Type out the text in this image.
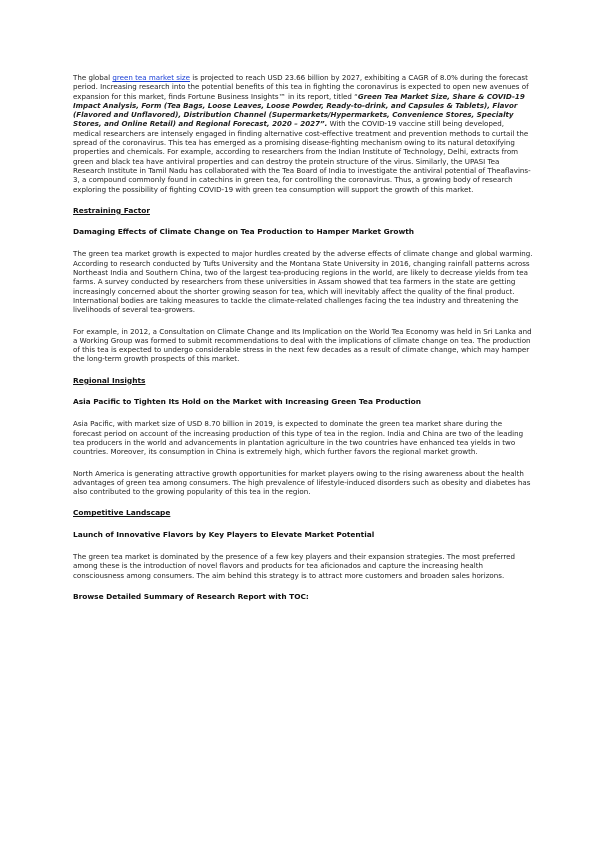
The global green tea market size is projected to reach USD 23.66 billion by 2027, exhibiting a CAGR of 8.0% during the forecast period. Increasing research into the potential benefits of this tea in fighting the coronavirus is expected to open new avenues of expansion for this market, finds Fortune Business Insights™ in its report, titled “Green Tea Market Size, Share & COVID-19 Impact Analysis, Form (Tea Bags, Loose Leaves, Loose Powder, Ready-to-drink, and Capsules & Tablets), Flavor (Flavored and Unflavored), Distribution Channel (Supermarkets/Hypermarkets, Convenience Stores, Specialty Stores, and Online Retail) and Regional Forecast, 2020 – 2027”. With the COVID-19 vaccine still being developed, medical researchers are intensely engaged in finding alternative cost-effective treatment and prevention methods to curtail the spread of the coronavirus. This tea has emerged as a promising disease-fighting mechanism owing to its natural detoxifying properties and chemicals. For example, according to researchers from the Indian Institute of Technology, Delhi, extracts from green and black tea have antiviral properties and can destroy the protein structure of the virus. Similarly, the UPASI Tea Research Institute in Tamil Nadu has collaborated with the Tea Board of India to investigate the antiviral potential of Theaflavins-3, a compound commonly found in catechins in green tea, for controlling the coronavirus. Thus, a growing body of research exploring the possibility of fighting COVID-19 with green tea consumption will support the growth of this market.

Restraining Factor
Damaging Effects of Climate Change on Tea Production to Hamper Market Growth

The green tea market growth is expected to major hurdles created by the adverse effects of climate change and global warming. According to research conducted by Tufts University and the Montana State University in 2016, changing rainfall patterns across Northeast India and Southern China, two of the largest tea-producing regions in the world, are likely to decrease yields from tea farms. A survey conducted by researchers from these universities in Assam showed that tea farmers in the state are getting increasingly concerned about the shorter growing season for tea, which will inevitably affect the quality of the final product. International bodies are taking measures to tackle the climate-related challenges facing the tea industry and threatening the livelihoods of several tea-growers.

For example, in 2012, a Consultation on Climate Change and Its Implication on the World Tea Economy was held in Sri Lanka and a Working Group was formed to submit recommendations to deal with the implications of climate change on tea. The production of this tea is expected to undergo considerable stress in the next few decades as a result of climate change, which may hamper the long-term growth prospects of this market.

Regional Insights
Asia Pacific to Tighten Its Hold on the Market with Increasing Green Tea Production

Asia Pacific, with market size of USD 8.70 billion in 2019, is expected to dominate the green tea market share during the forecast period on account of the increasing production of this type of tea in the region. India and China are two of the leading tea producers in the world and advancements in plantation agriculture in the two countries have enhanced tea yields in two countries. Moreover, its consumption in China is extremely high, which further favors the regional market growth.

North America is generating attractive growth opportunities for market players owing to the rising awareness about the health advantages of green tea among consumers. The high prevalence of lifestyle-induced disorders such as obesity and diabetes has also contributed to the growing popularity of this tea in the region.

Competitive Landscape
Launch of Innovative Flavors by Key Players to Elevate Market Potential

The green tea market is dominated by the presence of a few key players and their expansion strategies. The most preferred among these is the introduction of novel flavors and products for tea aficionados and capture the increasing health consciousness among consumers. The aim behind this strategy is to attract more customers and broaden sales horizons.

Browse Detailed Summary of Research Report with TOC:
